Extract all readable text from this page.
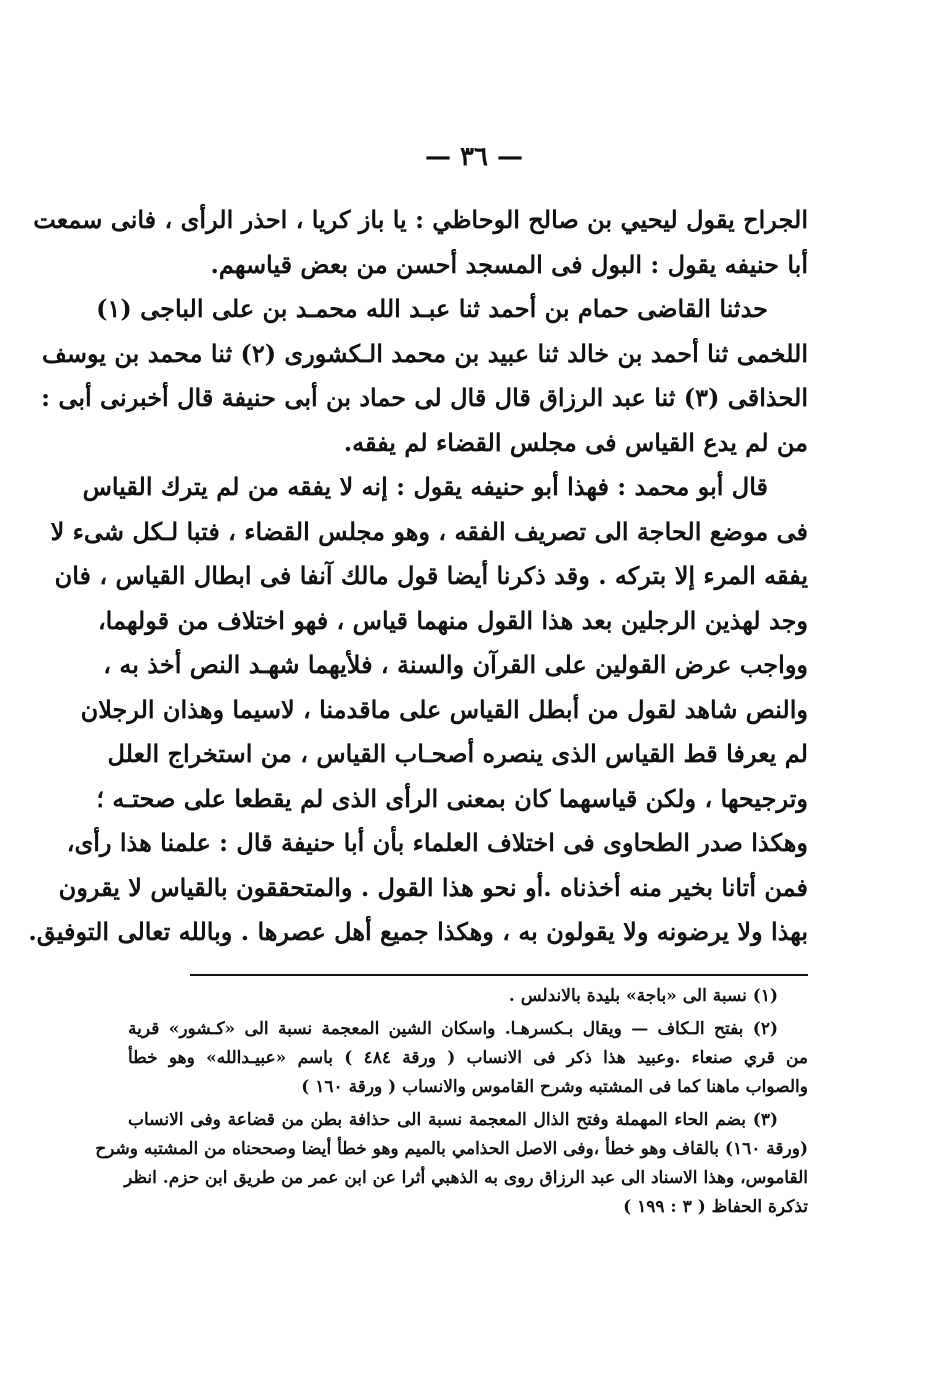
— ٣٦ —
الجراح يقول ليحيي بن صالح الوحاظي : يا باز كريا ، احذر الرأى ، فانى سمعت
أبا حنيفه يقول : البول فى المسجد أحسن من بعض قياسهم.
حدثنا القاضى حمام بن أحمد ثنا عبـد الله محمـد بن على الباجى (١)
اللخمى ثنا أحمد بن خالد ثنا عبيد بن محمد الـكشورى (٢) ثنا محمد بن يوسف
الحذاقى (٣) ثنا عبد الرزاق قال قال لى حماد بن أبى حنيفة قال أخبرنى أبى :
من لم يدع القياس فى مجلس القضاء لم يفقه.
قال أبو محمد : فهذا أبو حنيفه يقول : إنه لا يفقه من لم يترك القياس
فى موضع الحاجة الى تصريف الفقه ، وهو مجلس القضاء ، فتبا لـكل شىء لا
يفقه المرء إلا بتركه . وقد ذكرنا أيضا قول مالك آنفا فى ابطال القياس ، فان
وجد لهذين الرجلين بعد هذا القول منهما قياس ، فهو اختلاف من قولهما،
وواجب عرض القولين على القرآن والسنة ، فلأيهما شهـد النص أخذ به ،
والنص شاهد لقول من أبطل القياس على ماقدمنا ، لاسيما وهذان الرجلان
لم يعرفا قط القياس الذى ينصره أصحـاب القياس ، من استخراج العلل
وترجيحها ، ولكن قياسهما كان بمعنى الرأى الذى لم يقطعا على صحتـه ؛
وهكذا صدر الطحاوى فى اختلاف العلماء بأن أبا حنيفة قال : علمنا هذا رأى،
فمن أتانا بخير منه أخذناه .أو نحو هذا القول . والمتحققون بالقياس لا يقرون
بهذا ولا يرضونه ولا يقولون به ، وهكذا جميع أهل عصرها . وبالله تعالى التوفيق.
(١) نسبة الى «باجة» بليدة بالاندلس .
(٢) بفتح الـكاف — ويقال بـكسرهـا. واسكان الشين المعجمة نسبة الى «كـشور» قرية
من قري صنعاء .وعبيد هذا ذكر فى الانساب ( ورقة ٤٨٤ ) باسم «عبيـدالله» وهو خطأ
والصواب ماهنا كما فى المشتبه وشرح القاموس والانساب ( ورقة ١٦٠ )
(٣) بضم الحاء المهملة وفتح الذال المعجمة نسبة الى حذافة بطن من قضاعة وفى الانساب
(ورقة ١٦٠) بالقاف وهو خطأ ،وفى الاصل الحذامي بالميم وهو خطأ أيضا وصححناه من المشتبه وشرح
القاموس، وهذا الاسناد الى عبد الرزاق روى به الذهبي أثرا عن ابن عمر من طريق ابن حزم. انظر
تذكرة الحفاظ ( ٣ : ١٩٩ )
